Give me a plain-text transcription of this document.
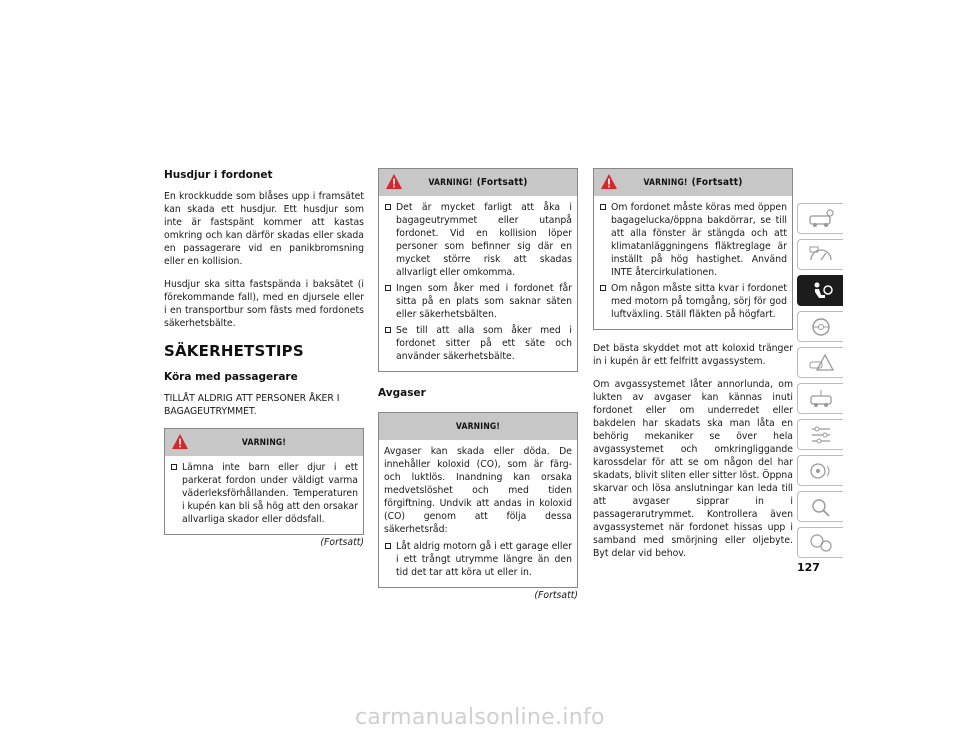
Husdjur i fordonet

En krockkudde som blåses upp i framsätet kan skada ett husdjur. Ett husdjur som inte är fastspänt kommer att kastas omkring och kan därför skadas eller skada en passagerare vid en panikbromsning eller en kollision.

Husdjur ska sitta fastspända i baksätet (i förekommande fall), med en djursele eller i en transportbur som fästs med fordonets säkerhetsbälte.

SÄKERHETSTIPS
Köra med passagerare

TILLÅT ALDRIG ATT PERSONER ÅKER I BAGAGEUTRYMMET.

VARNING!
Lämna inte barn eller djur i ett parkerat fordon under väldigt varma väderleksförhållanden. Temperaturen i kupén kan bli så hög att den orsakar allvarliga skador eller dödsfall.
(Fortsatt)
VARNING! (Fortsatt)
Det är mycket farligt att åka i bagageutrymmet eller utanpå fordonet. Vid en kollision löper personer som befinner sig där en mycket större risk att skadas allvarligt eller omkomma.
Ingen som åker med i fordonet får sitta på en plats som saknar säten eller säkerhetsbälten.
Se till att alla som åker med i fordonet sitter på ett säte och använder säkerhetsbälte.
Avgaser
VARNING!

Avgaser kan skada eller döda. De innehåller koloxid (CO), som är färg- och luktlös. Inandning kan orsaka medvetslöshet och med tiden förgiftning. Undvik att andas in koloxid (CO) genom att följa dessa säkerhetsråd:

Låt aldrig motorn gå i ett garage eller i ett trångt utrymme längre än den tid det tar att köra ut eller in.
(Fortsatt)
VARNING! (Fortsatt)
Om fordonet måste köras med öppen bagagelucka/öppna bakdörrar, se till att alla fönster är stängda och att klimatanläggningens fläktreglage är inställt på hög hastighet. Använd INTE återcirkulationen.
Om någon måste sitta kvar i fordonet med motorn på tomgång, sörj för god luftväxling. Ställ fläkten på högfart.

Det bästa skyddet mot att koloxid tränger in i kupén är ett felfritt avgassystem.

Om avgassystemet låter annorlunda, om lukten av avgaser kan kännas inuti fordonet eller om underredet eller bakdelen har skadats ska man låta en behörig mekaniker se över hela avgassystemet och omkringliggande karossdelar för att se om någon del har skadats, blivit sliten eller sitter löst. Öppna skarvar och lösa anslutningar kan leda till att avgaser sipprar in i passagerarutrymmet. Kontrollera även avgassystemet när fordonet hissas upp i samband med smörjning eller oljebyte. Byt delar vid behov.

127
carmanualsonline.info
